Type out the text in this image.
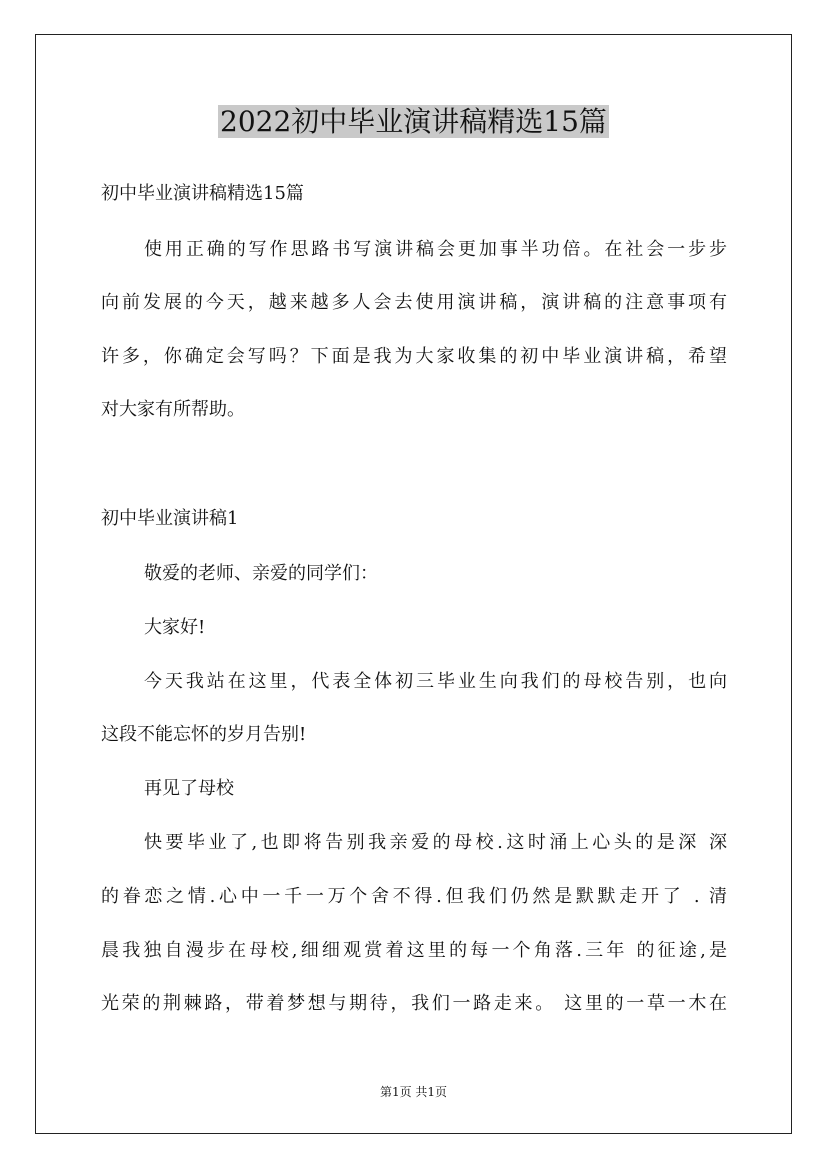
2022初中毕业演讲稿精选15篇
初中毕业演讲稿精选15篇
使用正确的写作思路书写演讲稿会更加事半功倍。在社会一步步
向前发展的今天，越来越多人会去使用演讲稿，演讲稿的注意事项有
许多，你确定会写吗？下面是我为大家收集的初中毕业演讲稿，希望
对大家有所帮助。
初中毕业演讲稿1
敬爱的老师、亲爱的同学们：
大家好!
今天我站在这里，代表全体初三毕业生向我们的母校告别，也向
这段不能忘怀的岁月告别!
再见了母校
快要毕业了,也即将告别我亲爱的母校.这时涌上心头的是深 深
的眷恋之情.心中一千一万个舍不得.但我们仍然是默默走开了 . 清
晨我独自漫步在母校,细细观赏着这里的每一个角落.三年 的征途,是
光荣的荆棘路，带着梦想与期待，我们一路走来。 这里的一草一木在
第1页 共1页
